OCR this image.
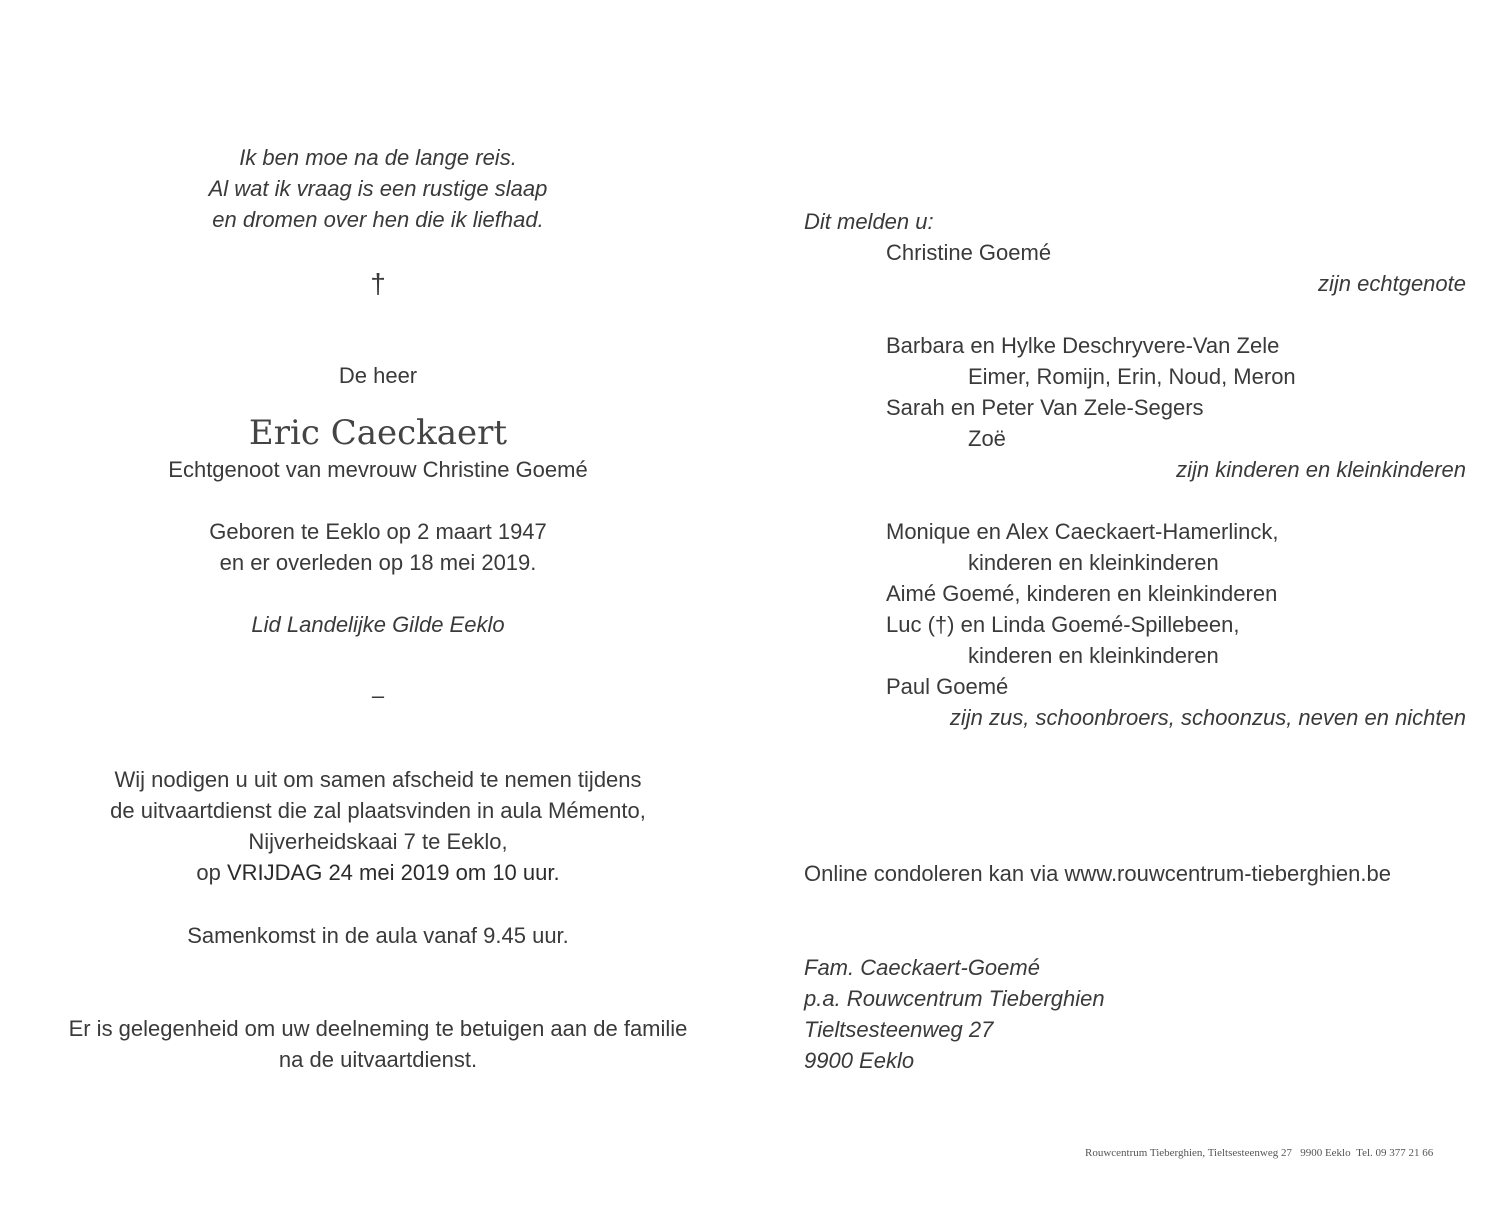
Ik ben moe na de lange reis.

Al wat ik vraag is een rustige slaap

en dromen over hen die ik liefhad.

†

De heer

Eric Caeckaert

Echtgenoot van mevrouw Christine Goemé

Geboren te Eeklo op 2 maart 1947

en er overleden op 18 mei 2019.

Lid Landelijke Gilde Eeklo

–

Wij nodigen u uit om samen afscheid te nemen tijdens

de uitvaartdienst die zal plaatsvinden in aula Mémento,

Nijverheidskaai 7 te Eeklo,

op VRIJDAG 24 mei 2019 om 10 uur.

Samenkomst in de aula vanaf 9.45 uur.

Er is gelegenheid om uw deelneming te betuigen aan de familie

na de uitvaartdienst.

Dit melden u:

Christine Goemé

zijn echtgenote

Barbara en Hylke Deschryvere-Van Zele

Eimer, Romijn, Erin, Noud, Meron

Sarah en Peter Van Zele-Segers

Zoë

zijn kinderen en kleinkinderen

Monique en Alex Caeckaert-Hamerlinck,

kinderen en kleinkinderen

Aimé Goemé, kinderen en kleinkinderen

Luc (†) en Linda Goemé-Spillebeen,

kinderen en kleinkinderen

Paul Goemé

zijn zus, schoonbroers, schoonzus, neven en nichten

Online condoleren kan via www.rouwcentrum-tieberghien.be

Fam. Caeckaert-Goemé

p.a. Rouwcentrum Tieberghien

Tieltsesteenweg 27

9900 Eeklo

Rouwcentrum Tieberghien, Tieltsesteenweg 27   9900 Eeklo  Tel. 09 377 21 66
